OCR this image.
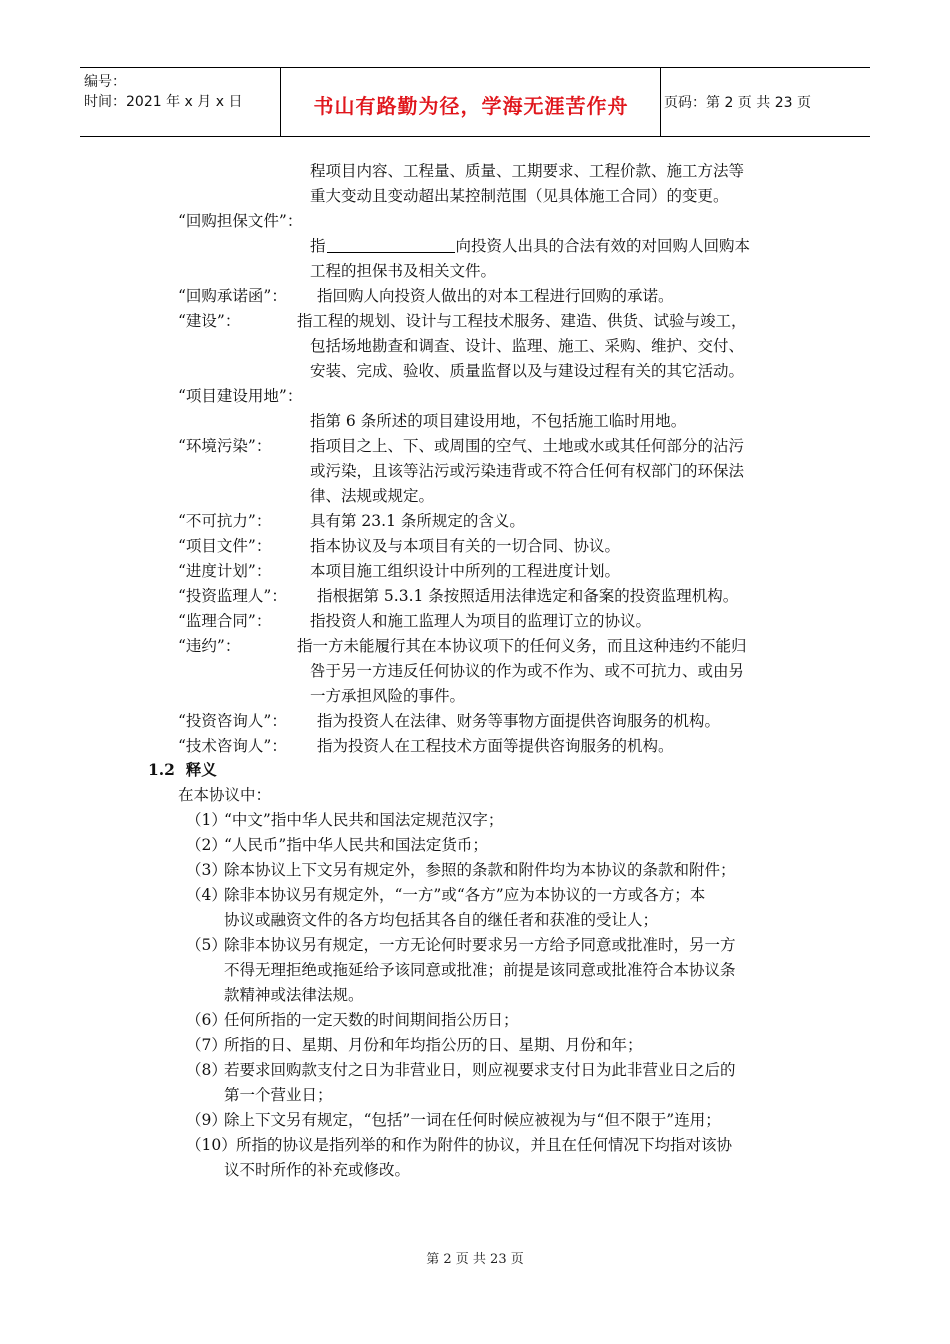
编号：
时间：2021 年 x 月 x 日	书山有路勤为径，学海无涯苦作舟	页码：第 2 页 共 23 页
程项目内容、工程量、质量、工期要求、工程价款、施工方法等
重大变动且变动超出某控制范围（见具体施工合同）的变更。
“回购担保文件”：
指	向投资人出具的合法有效的对回购人回购本
工程的担保书及相关文件。
“回购承诺函”： 指回购人向投资人做出的对本工程进行回购的承诺。
“建设”：	指工程的规划、设计与工程技术服务、建造、供货、试验与竣工，
包括场地勘查和调查、设计、监理、施工、采购、维护、交付、
安装、完成、验收、质量监督以及与建设过程有关的其它活动。
“项目建设用地”：
指第 6 条所述的项目建设用地，不包括施工临时用地。
“环境污染”： 指项目之上、下、或周围的空气、土地或水或其任何部分的沾污
或污染，且该等沾污或污染违背或不符合任何有权部门的环保法
律、法规或规定。
“不可抗力”： 具有第 23.1 条所规定的含义。
“项目文件”： 指本协议及与本项目有关的一切合同、协议。
“进度计划”： 本项目施工组织设计中所列的工程进度计划。
“投资监理人”： 指根据第 5.3.1 条按照适用法律选定和备案的投资监理机构。
“监理合同”： 指投资人和施工监理人为项目的监理订立的协议。
“违约”：	指一方未能履行其在本协议项下的任何义务，而且这种违约不能归
咎于另一方违反任何协议的作为或不作为、或不可抗力、或由另
一方承担风险的事件。
“投资咨询人”： 指为投资人在法律、财务等事物方面提供咨询服务的机构。
“技术咨询人”： 指为投资人在工程技术方面等提供咨询服务的机构。
1.2 释义
在本协议中：
（1）
“中文”指中华人民共和国法定规范汉字；
（2）
“人民币”指中华人民共和国法定货币；
（3）
除本协议上下文另有规定外，参照的条款和附件均为本协议的条款和附件；
（4）
除非本协议另有规定外，“一方”或“各方”应为本协议的一方或各方；本
协议或融资文件的各方均包括其各自的继任者和获准的受让人；
（5）
除非本协议另有规定，一方无论何时要求另一方给予同意或批准时，另一方
不得无理拒绝或拖延给予该同意或批准；前提是该同意或批准符合本协议条
款精神或法律法规。
（6）
任何所指的一定天数的时间期间指公历日；
（7）
所指的日、星期、月份和年均指公历的日、星期、月份和年；
（8）
若要求回购款支付之日为非营业日，则应视要求支付日为此非营业日之后的
第一个营业日；
（9）
除上下文另有规定，“包括”一词在任何时候应被视为与“但不限于”连用；
（10） 所指的协议是指列举的和作为附件的协议，并且在任何情况下均指对该协
议不时所作的补充或修改。
第 2 页 共 23 页
